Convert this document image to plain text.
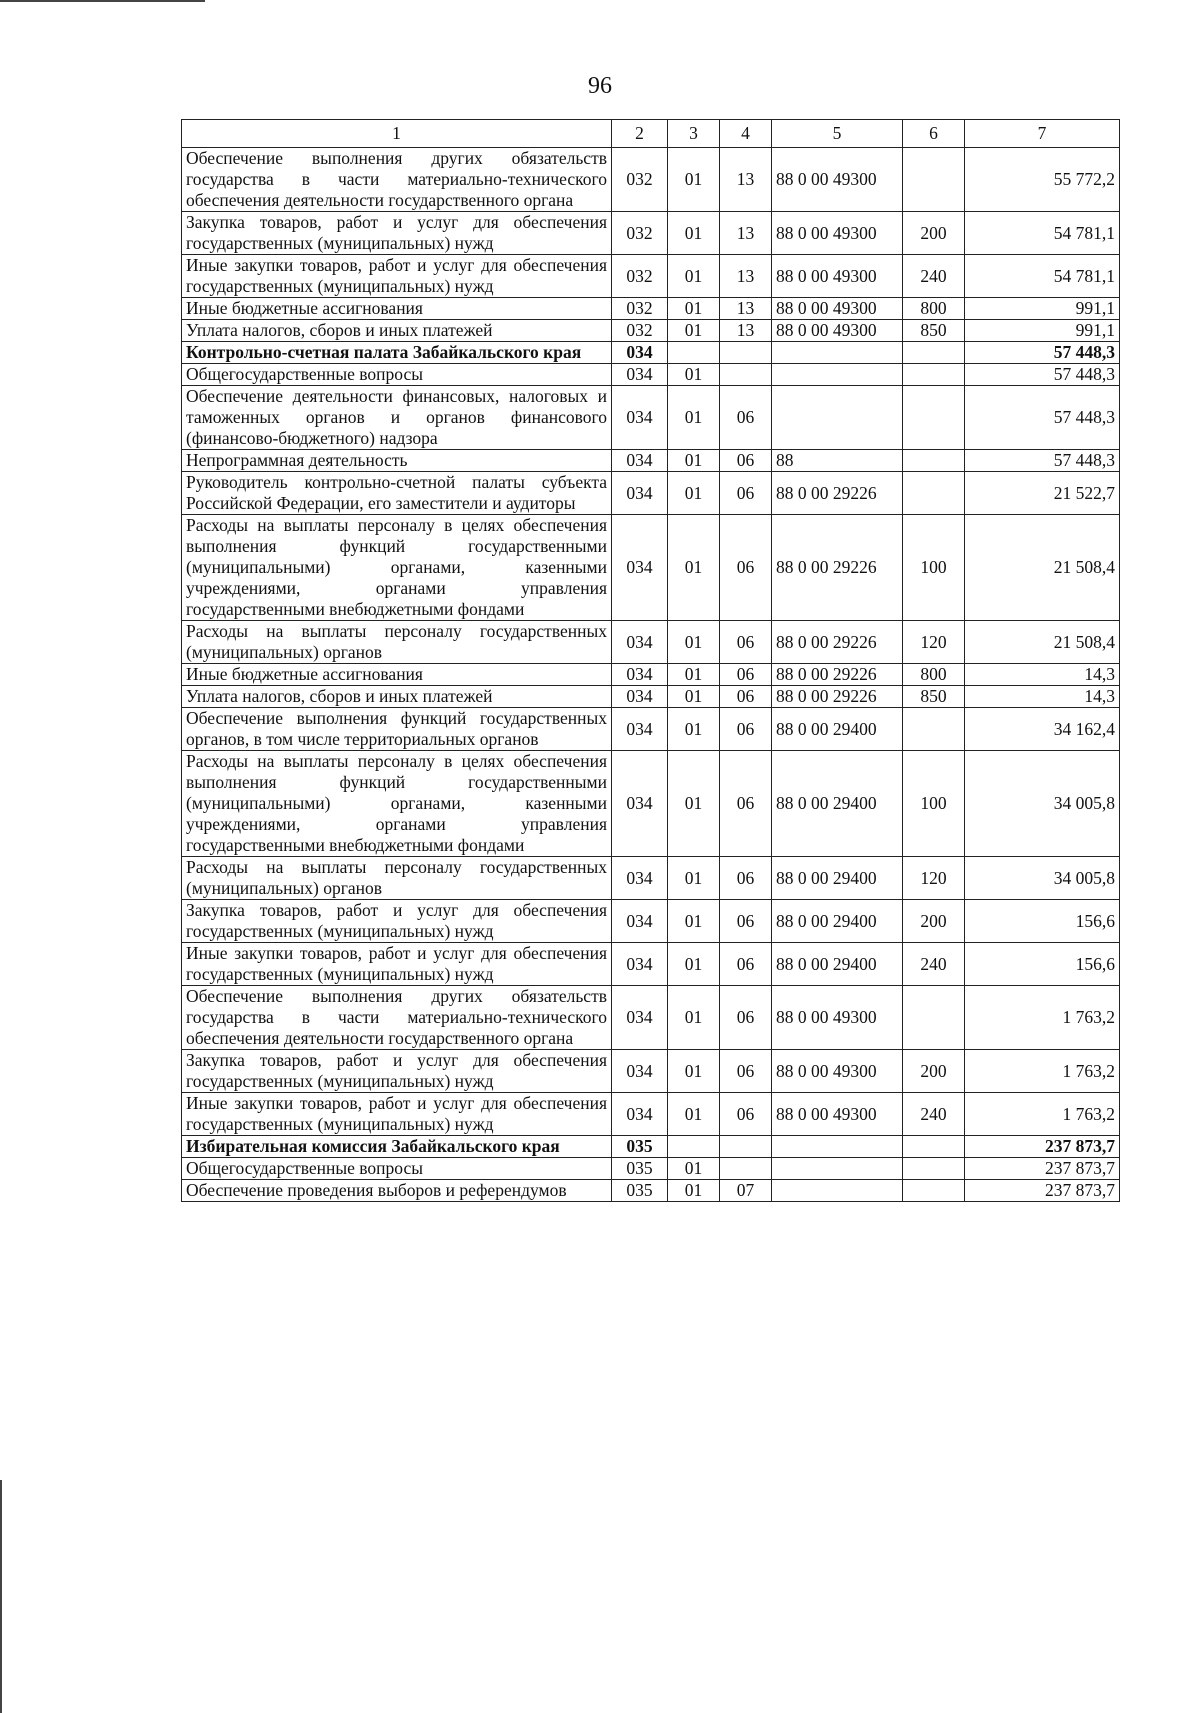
96
1	2	3	4	5	6	7
Обеспечение выполнения других обязательств государства в части материально-технического обеспечения деятельности государственного органа	032	01	13	88 0 00 49300		55 772,2
Закупка товаров, работ и услуг для обеспечения государственных (муниципальных) нужд	032	01	13	88 0 00 49300	200	54 781,1
Иные закупки товаров, работ и услуг для обеспечения государственных (муниципальных) нужд	032	01	13	88 0 00 49300	240	54 781,1
Иные бюджетные ассигнования	032	01	13	88 0 00 49300	800	991,1
Уплата налогов, сборов и иных платежей	032	01	13	88 0 00 49300	850	991,1
Контрольно-счетная палата Забайкальского края	034					57 448,3
Общегосударственные вопросы	034	01				57 448,3
Обеспечение деятельности финансовых, налоговых и таможенных органов и органов финансового (финансово-бюджетного) надзора	034	01	06			57 448,3
Непрограммная деятельность	034	01	06	88		57 448,3
Руководитель контрольно-счетной палаты субъекта Российской Федерации, его заместители и аудиторы	034	01	06	88 0 00 29226		21 522,7
Расходы на выплаты персоналу в целях обеспечения выполнения функций государственными (муниципальными) органами, казенными учреждениями, органами управления государственными внебюджетными фондами	034	01	06	88 0 00 29226	100	21 508,4
Расходы на выплаты персоналу государственных (муниципальных) органов	034	01	06	88 0 00 29226	120	21 508,4
Иные бюджетные ассигнования	034	01	06	88 0 00 29226	800	14,3
Уплата налогов, сборов и иных платежей	034	01	06	88 0 00 29226	850	14,3
Обеспечение выполнения функций государственных органов, в том числе территориальных органов	034	01	06	88 0 00 29400		34 162,4
Расходы на выплаты персоналу в целях обеспечения выполнения функций государственными (муниципальными) органами, казенными учреждениями, органами управления государственными внебюджетными фондами	034	01	06	88 0 00 29400	100	34 005,8
Расходы на выплаты персоналу государственных (муниципальных) органов	034	01	06	88 0 00 29400	120	34 005,8
Закупка товаров, работ и услуг для обеспечения государственных (муниципальных) нужд	034	01	06	88 0 00 29400	200	156,6
Иные закупки товаров, работ и услуг для обеспечения государственных (муниципальных) нужд	034	01	06	88 0 00 29400	240	156,6
Обеспечение выполнения других обязательств государства в части материально-технического обеспечения деятельности государственного органа	034	01	06	88 0 00 49300		1 763,2
Закупка товаров, работ и услуг для обеспечения государственных (муниципальных) нужд	034	01	06	88 0 00 49300	200	1 763,2
Иные закупки товаров, работ и услуг для обеспечения государственных (муниципальных) нужд	034	01	06	88 0 00 49300	240	1 763,2
Избирательная комиссия Забайкальского края	035					237 873,7
Общегосударственные вопросы	035	01				237 873,7
Обеспечение проведения выборов и референдумов	035	01	07			237 873,7
